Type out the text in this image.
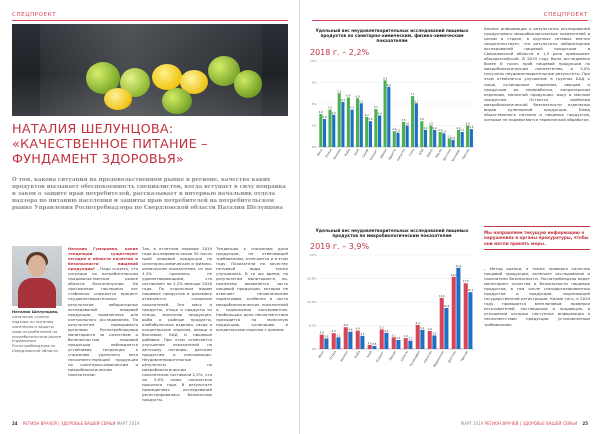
СПЕЦПРОЕКТ
НАТАЛИЯ ШЕЛУНЦОВА:
«КАЧЕСТВЕННОЕ ПИТАНИЕ –
ФУНДАМЕНТ ЗДОРОВЬЯ»
О том, какова ситуация на продовольственном рынке в регионе, качество каких продуктов вызывает обеспокоенность специалистов, когда вступает в силу поправка в закон о защите прав потребителей, рассказывает в интервью начальник отдела надзора по питанию населения и защиты прав потребителей на потребительском рынке Управления Роспотребнадзора по Свердловской области Наталия Шелунцова
Наталия Шелунцова, начальник отдела надзора по питанию населения и защиты прав потребителей на потребительском рынке Управления Роспотребнадзора по Свердловской области
Наталия Гумаровна, какие тенденции существуют сегодня в области качества и безопасности пищевой продукции? – Надо сказать, что ситуация на потребительском продовольственном рынке области благополучная. На протяжении последних лет стабильно снижается процент неудовлетворительных результатов лабораторных исследований пищевой продукции, выявленных для контрольного исследования. По результатам проводимого органами Роспотребнадзора мониторинга за качеством и безопасностью пищевой продукции наблюдается устойчивая тенденция к снижению удельного веса несоответствующей продукции по санитарно-химическим и микробиологическим показателям.
Так, в отчетном периоде 2019 года исследовано около 50 тысяч проб пищевой продукции по санитарно-химическим и физико-химическим показателям, из них 4,3% признаны не удовлетворяющими, что составляет на 2,2% меньше 2018 года. По отдельным видам пищевых продуктов в динамике отмечается снижение показателей. Это мясо и продукты, птица и продукты из птицы, молочная продукция, рыба и рыбные продукты, хлебобулочные изделия, сахар и кондитерские изделия, овощи и бахчевые, БАД и пищевые добавки. При этом отмечается улучшение показателей по детскому питанию, детским продуктам и консервации. Неудовлетворительные результаты по микробиологическим показателям составили 2,2%, что на 3,9% ниже показателя прошлого года. В результате проведенных исследований регистрировались безопасные продукты.
Тенденция к снижению доли продукции, не отвечающей требованиям, отмечается и в этом году. Показатели по качеству питьевой воды также улучшились. В то же время, по результатам мониторинга, по-прежнему выявляется часть пищевой продукции, которая не отвечает гигиеническим нормативам, особенно в части микробиологических показателей и содержания консервантов. Наибольшая доля несоответствия приходится на молочную продукцию, кулинарию и кондитерские изделия с кремом.
24 РЕГИОН ВРАЧЕЙ | ЗДОРОВЬЕ ВАШЕЙ СЕМЬИ МАРТ 2019
СПЕЦПРОЕКТ
Удельный вес неудовлетворительных исследований пищевых продуктов по санитарно-химическим, физико-химическим показателям
2018 г. – 2,2%
0%
3%
6%
9%
12%
4.6
3.9
Мясо
5.2
4.5
Птица
7.5
6.3
Молоко
6.9
5.2
Рыба
6.8
6.1
Хлеб
4.2
3.6
Сахар
5.3
4.4
Кондит.
9.3
8.4
Овощи
2.2 2.0
Фрукты
3.5
3.0
Напитки
7.1
6.1
Соль
3.6
2.4
БАД
3.0
2.4
Зерно
2.1 1.9
Масло
1.2 1.0
Детское
2.4
2.1
Консерв.
3.0
2.5
Прочие
Удельный вес неудовлетворительных исследований пищевых продуктов по микробиологическим показателям
2019 г. – 3,9%
0%
6.3%
12.5%
18.8%
25%
3.8
2.8
Мясо
4.2
3.1
Птица
5.8
4.6
Молоко
4.9
3.5
Рыба
1.1 0.8
Хлеб
5.2
4.3
Кондит.
3.1
2.4
Овощи
2.9
2.2
Салаты
6.4
5.1
Кулинария
4.8
3.6
Напитки
13.6
10.9
Мороженое
19.2
21.6
Детское
17.5
15.1
Прочие
Анализ информации о результатах исследований продуктового микробиологических показателей в целом в стране, в крупных сетевых местах свидетельствует, что результаты лабораторных исследований пищевой продукции в Свердловской области в 1,5 раза превышают общероссийский. В 2019 году было исследовано более 8 тысяч проб пищевой продукции по микробиологическим показателям, в 3,0% получены неудовлетворительные результаты. При этом отмечается улучшение в группах БАД к пище, кулинарным изделиям, овощам и продукции их переработки, кондитерским изделиям, молочной продукции, мясу и мясным продуктам. Остается проблема микробиологической безопасности отдельных видов кулинарной продукции, блюд общественного питания и пищевых продуктов, которые не подвергаются термической обработке.
Мы направляем текущую информацию о нарушениях в органы прокуратуры, чтобы они могли принять меры.
– Метод оценки, а также проверка качества пищевой продукции, включает исследование и показатели безопасности. Роспотребнадзор ведет мониторинг качества и безопасности пищевых продуктов, в том числе стандартизированных продуктов и продукции, подлежащей государственной регистрации. Кроме того, в 2019 году проводятся внеплановые проверки изготовителей, поставщиков и продавцов, в отношении которых поступила информация о несоответствии продукции установленным требованиям.
МАРТ 2019 РЕГИОН ВРАЧЕЙ | ЗДОРОВЬЕ ВАШЕЙ СЕМЬИ 25
